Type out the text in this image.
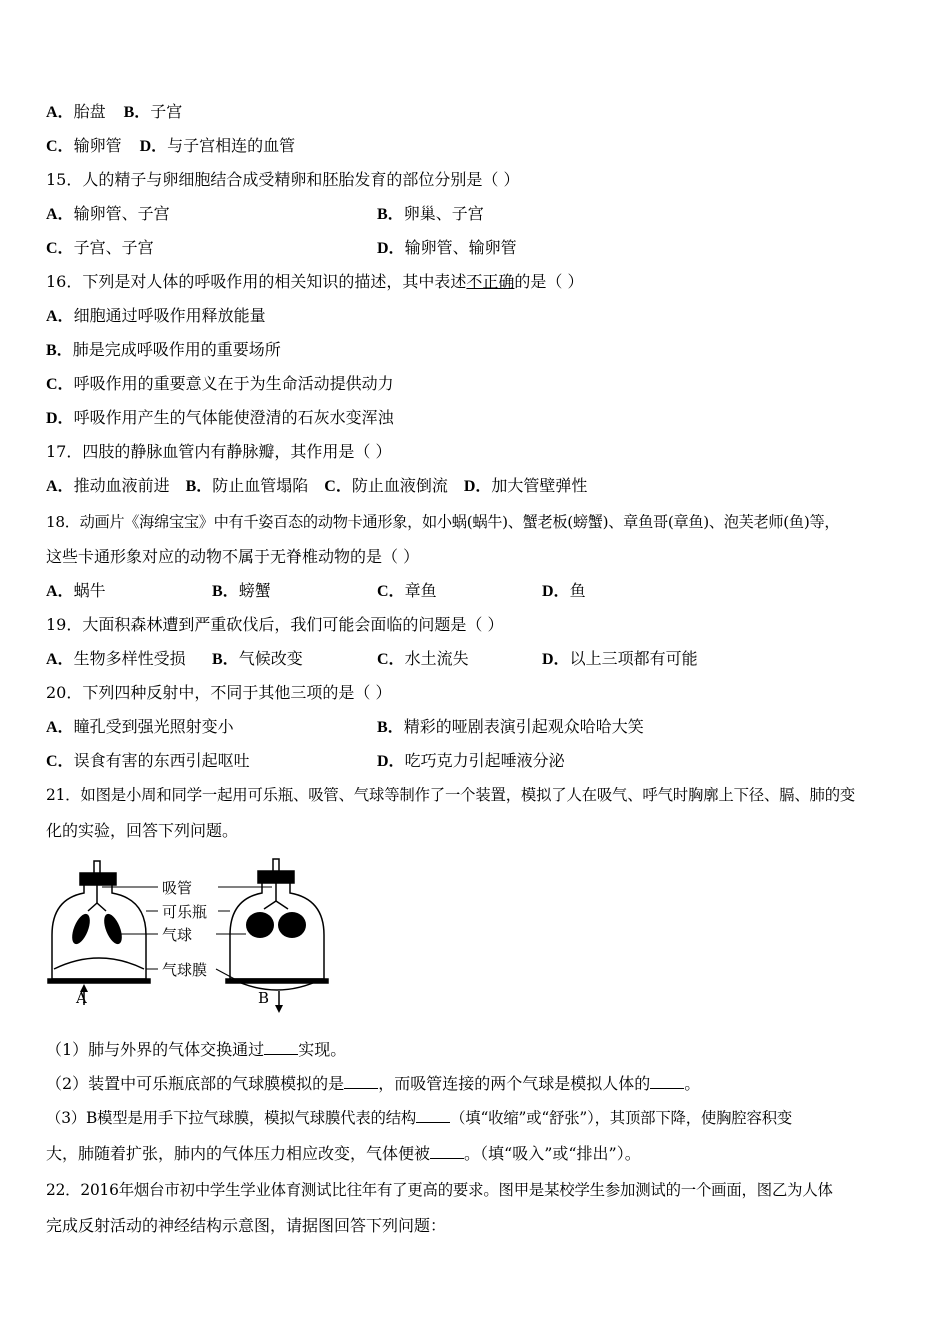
A．胎盘 B．子宫
C．输卵管 D．与子宫相连的血管
15．人的精子与卵细胞结合成受精卵和胚胎发育的部位分别是（ ）
A．输卵管、子宫	B．卵巢、子宫
C．子宫、子宫	D．输卵管、输卵管
16．下列是对人体的呼吸作用的相关知识的描述，其中表述不正确的是（ ）
A．细胞通过呼吸作用释放能量
B．肺是完成呼吸作用的重要场所
C．呼吸作用的重要意义在于为生命活动提供动力
D．呼吸作用产生的气体能使澄清的石灰水变浑浊
17．四肢的静脉血管内有静脉瓣，其作用是（ ）
A．推动血液前进 B．防止血管塌陷 C．防止血液倒流 D．加大管壁弹性
18．动画片《海绵宝宝》中有千姿百态的动物卡通形象，如小蜗(蜗牛)、蟹老板(螃蟹)、章鱼哥(章鱼)、泡芙老师(鱼)等，
这些卡通形象对应的动物不属于无脊椎动物的是（ ）
A．蜗牛	B．螃蟹	C．章鱼	D．鱼
19．大面积森林遭到严重砍伐后，我们可能会面临的问题是（ ）
A．生物多样性受损 B．气候改变	C．水土流失	D．以上三项都有可能
20．下列四种反射中，不同于其他三项的是（ ）
A．瞳孔受到强光照射变小	B．精彩的哑剧表演引起观众哈哈大笑
C．误食有害的东西引起呕吐	D．吃巧克力引起唾液分泌
21．如图是小周和同学一起用可乐瓶、吸管、气球等制作了一个装置，模拟了人在吸气、呼气时胸廓上下径、膈、肺的变
化的实验，回答下列问题。
吸管
可乐瓶
气球
气球膜
A	B
（1）肺与外界的气体交换通过 实现。
（2）装置中可乐瓶底部的气球膜模拟的是 ，而吸管连接的两个气球是模拟人体的 。
（3）B模型是用手下拉气球膜，模拟气球膜代表的结构 （填“收缩”或“舒张”），其顶部下降，使胸腔容积变
大，肺随着扩张，肺内的气体压力相应改变，气体便被 。（填“吸入”或“排出”）。
22．2016年烟台市初中学生学业体育测试比往年有了更高的要求。图甲是某校学生参加测试的一个画面，图乙为人体
完成反射活动的神经结构示意图，请据图回答下列问题：
